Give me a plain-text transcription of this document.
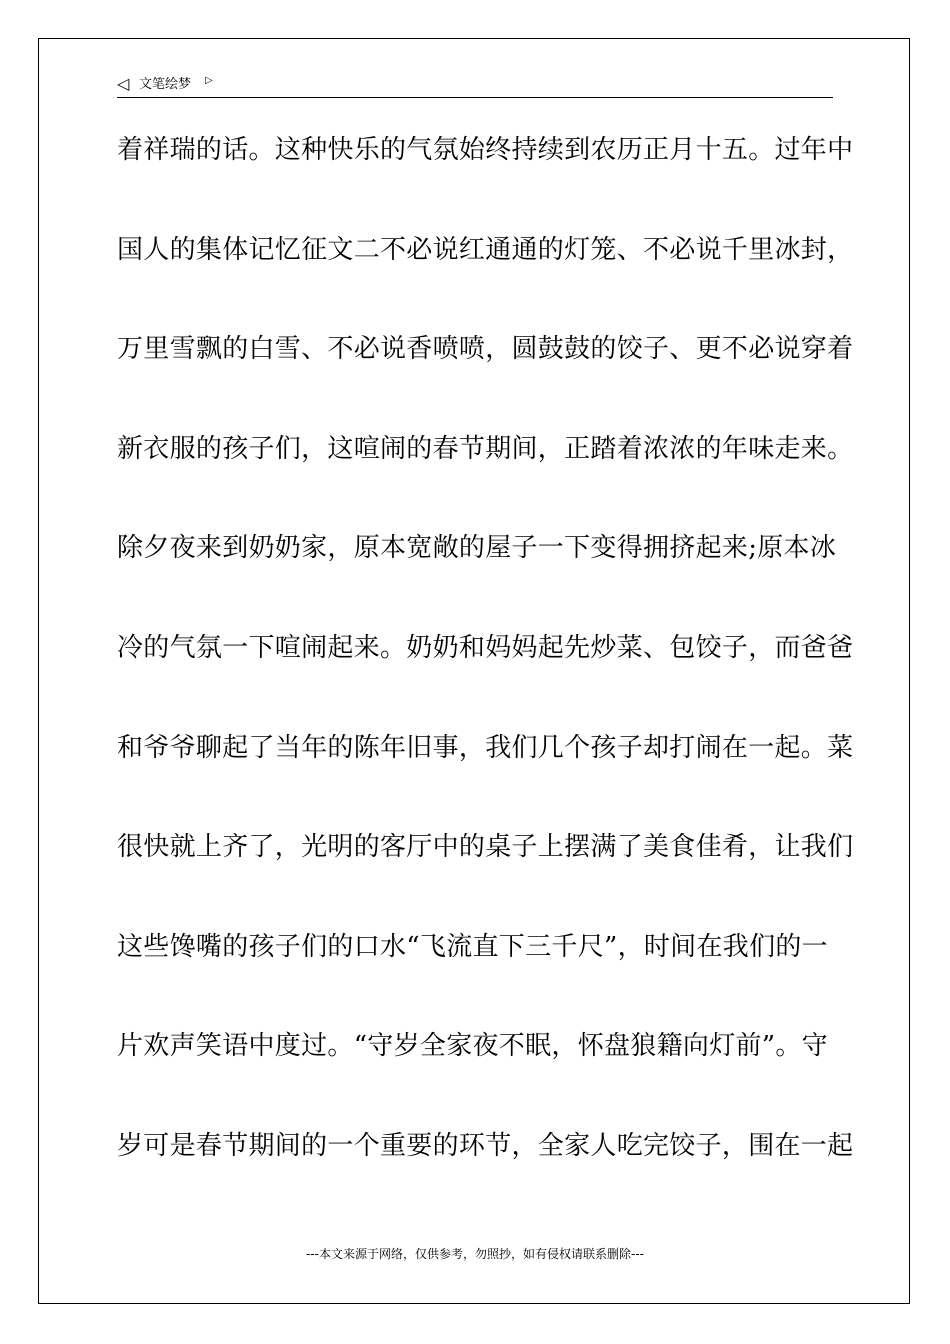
◁ 文笔绘梦 ▷
着祥瑞的话。这种快乐的气氛始终持续到农历正月十五。过年中
国人的集体记忆征文二不必说红通通的灯笼、不必说千里冰封，
万里雪飘的白雪、不必说香喷喷，圆鼓鼓的饺子、更不必说穿着
新衣服的孩子们，这喧闹的春节期间，正踏着浓浓的年味走来。
除夕夜来到奶奶家，原本宽敞的屋子一下变得拥挤起来;原本冰
冷的气氛一下喧闹起来。奶奶和妈妈起先炒菜、包饺子，而爸爸
和爷爷聊起了当年的陈年旧事，我们几个孩子却打闹在一起。菜
很快就上齐了，光明的客厅中的桌子上摆满了美食佳肴，让我们
这些馋嘴的孩子们的口水“飞流直下三千尺”，时间在我们的一
片欢声笑语中度过。“守岁全家夜不眠，怀盘狼籍向灯前”。守
岁可是春节期间的一个重要的环节，全家人吃完饺子，围在一起
---本文来源于网络，仅供参考，勿照抄，如有侵权请联系删除---
